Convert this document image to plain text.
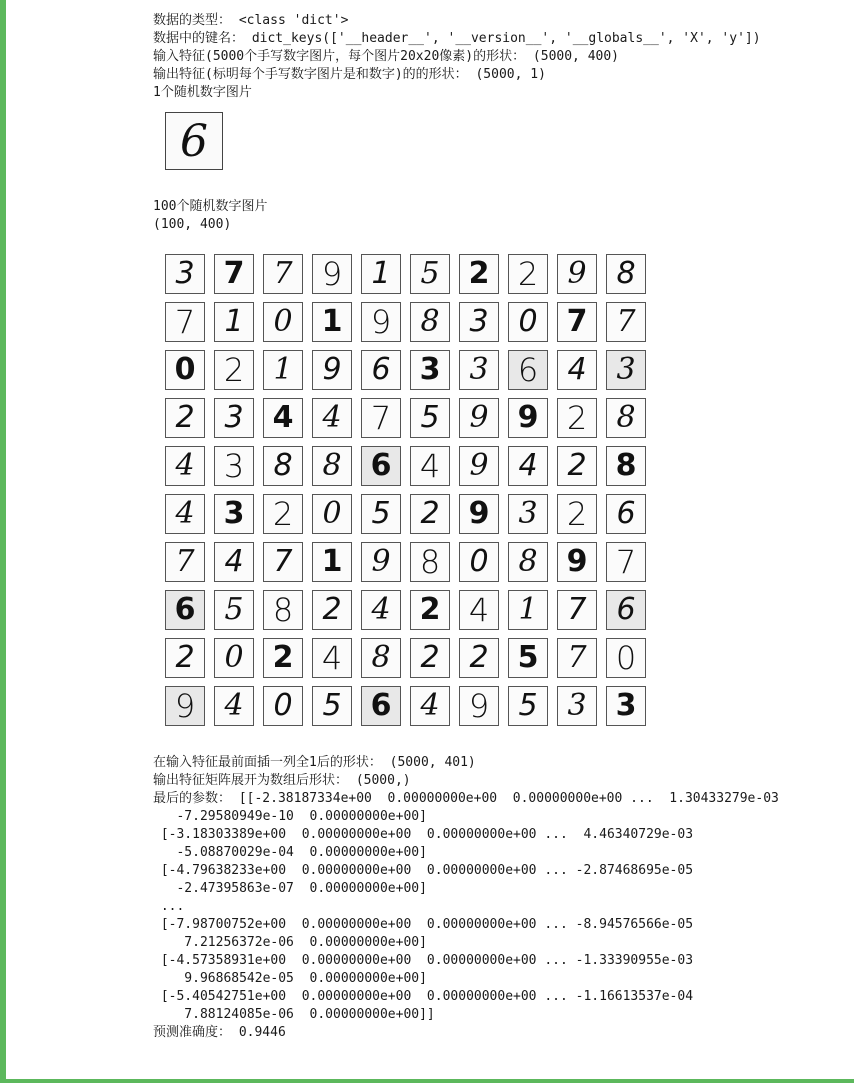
数据的类型： <class 'dict'>
数据中的键名： dict_keys(['__header__', '__version__', '__globals__', 'X', 'y'])
输入特征(5000个手写数字图片，每个图片20x20像素)的形状： (5000, 400)
输出特征(标明每个手写数字图片是和数字)的的形状： (5000, 1)
1个随机数字图片
6
100个随机数字图片
(100, 400)
3 7 7 9 1 5 2 2 9 8
7 1 0 1 9 8 3 0 7 7
0 2 1 9 6 3 3 6 4 3
2 3 4 4 7 5 9 9 2 8
4 3 8 8 6 4 9 4 2 8
4 3 2 0 5 2 9 3 2 6
7 4 7 1 9 8 0 8 9 7
6 5 8 2 4 2 4 1 7 6
2 0 2 4 8 2 2 5 7 0
9 4 0 5 6 4 9 5 3 3
在输入特征最前面插一列全1后的形状： (5000, 401)
输出特征矩阵展开为数组后形状： (5000,)
最后的参数： [[-2.38187334e+00  0.00000000e+00  0.00000000e+00 ...  1.30433279e-03
-7.29580949e-10  0.00000000e+00]
[-3.18303389e+00  0.00000000e+00  0.00000000e+00 ...  4.46340729e-03
-5.08870029e-04  0.00000000e+00]
[-4.79638233e+00  0.00000000e+00  0.00000000e+00 ... -2.87468695e-05
-2.47395863e-07  0.00000000e+00]
...
[-7.98700752e+00  0.00000000e+00  0.00000000e+00 ... -8.94576566e-05
7.21256372e-06  0.00000000e+00]
[-4.57358931e+00  0.00000000e+00  0.00000000e+00 ... -1.33390955e-03
9.96868542e-05  0.00000000e+00]
[-5.40542751e+00  0.00000000e+00  0.00000000e+00 ... -1.16613537e-04
7.88124085e-06  0.00000000e+00]]
预测准确度： 0.9446
